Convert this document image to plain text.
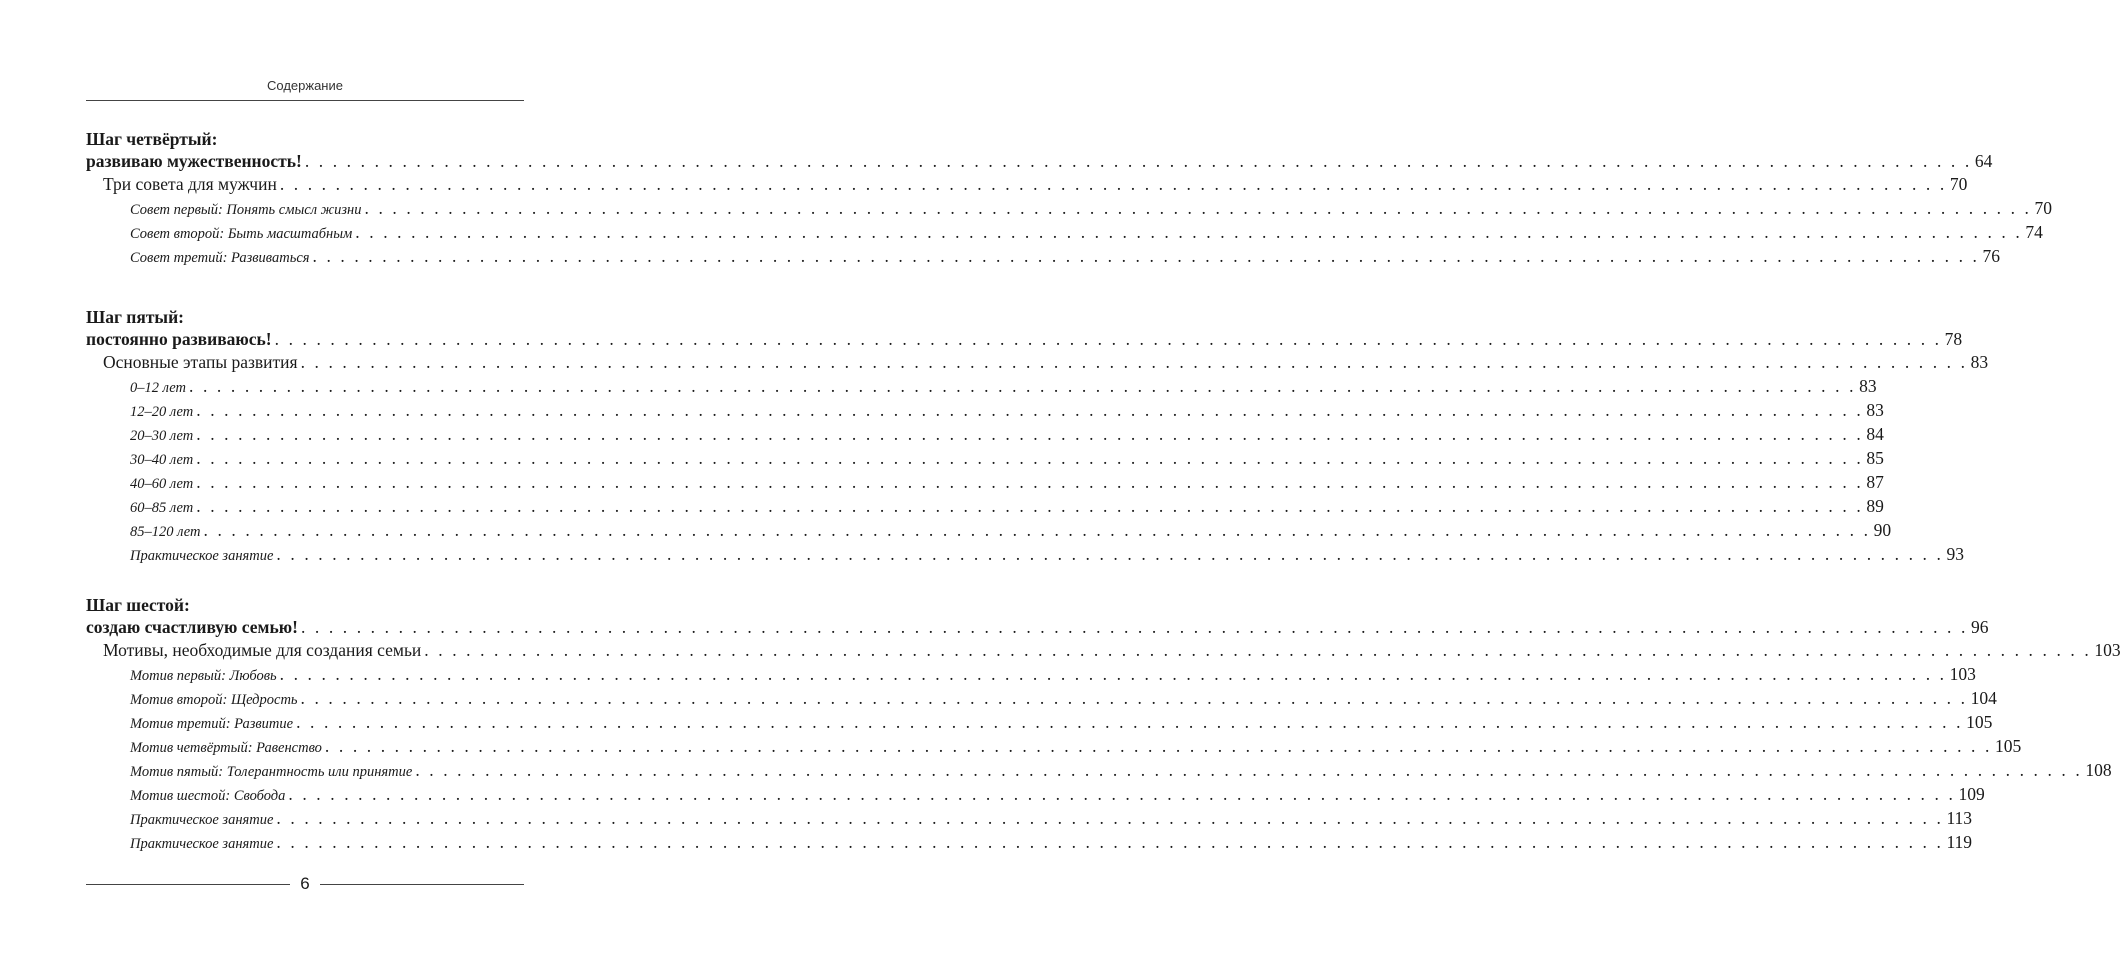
Содержание
Шаг четвёртый:
развиваю мужественность! . . . . . . . . . . . . . . . . . . . . . . . . . . . . . . . . . . . . . . . . . . . . . . . . . . . . . . . . . . . . . . . . . . . . . . . . . . . . . . . . . . . . . . . . . . . . . . . . . . . . . . . . . . . . . . . . . . . . . . . . 64
Три совета для мужчин . . . . . . . . . . . . . . . . . . . . . . . . . . . . . . . . . . . . . . . . . . . . . . . . . . . . . . . . . . . . . . . . . . . . . . . . . . . . . . . . . . . . . . . . . . . . . . . . . . . . . . . . . . . . . . . . . . . . . . . . 70
Совет первый: Понять смысл жизни . . . . . . . . . . . . . . . . . . . . . . . . . . . . . . . . . . . . . . . . . . . . . . . . . . . . . . . . . . . . . . . . . . . . . . . . . . . . . . . . . . . . . . . . . . . . . . . . . . . . . . . . . . . . . . . . . . . . . . . . 70
Совет второй: Быть масштабным . . . . . . . . . . . . . . . . . . . . . . . . . . . . . . . . . . . . . . . . . . . . . . . . . . . . . . . . . . . . . . . . . . . . . . . . . . . . . . . . . . . . . . . . . . . . . . . . . . . . . . . . . . . . . . . . . . . . . . . . 74
Совет третий: Развиваться . . . . . . . . . . . . . . . . . . . . . . . . . . . . . . . . . . . . . . . . . . . . . . . . . . . . . . . . . . . . . . . . . . . . . . . . . . . . . . . . . . . . . . . . . . . . . . . . . . . . . . . . . . . . . . . . . . . . . . . . 76
Шаг пятый:
постоянно развиваюсь! . . . . . . . . . . . . . . . . . . . . . . . . . . . . . . . . . . . . . . . . . . . . . . . . . . . . . . . . . . . . . . . . . . . . . . . . . . . . . . . . . . . . . . . . . . . . . . . . . . . . . . . . . . . . . . . . . . . . . . . . 78
Основные этапы развития . . . . . . . . . . . . . . . . . . . . . . . . . . . . . . . . . . . . . . . . . . . . . . . . . . . . . . . . . . . . . . . . . . . . . . . . . . . . . . . . . . . . . . . . . . . . . . . . . . . . . . . . . . . . . . . . . . . . . . . . 83
0–12 лет . . . . . . . . . . . . . . . . . . . . . . . . . . . . . . . . . . . . . . . . . . . . . . . . . . . . . . . . . . . . . . . . . . . . . . . . . . . . . . . . . . . . . . . . . . . . . . . . . . . . . . . . . . . . . . . . . . . . . . . . 83
12–20 лет . . . . . . . . . . . . . . . . . . . . . . . . . . . . . . . . . . . . . . . . . . . . . . . . . . . . . . . . . . . . . . . . . . . . . . . . . . . . . . . . . . . . . . . . . . . . . . . . . . . . . . . . . . . . . . . . . . . . . . . . 83
20–30 лет . . . . . . . . . . . . . . . . . . . . . . . . . . . . . . . . . . . . . . . . . . . . . . . . . . . . . . . . . . . . . . . . . . . . . . . . . . . . . . . . . . . . . . . . . . . . . . . . . . . . . . . . . . . . . . . . . . . . . . . . 84
30–40 лет . . . . . . . . . . . . . . . . . . . . . . . . . . . . . . . . . . . . . . . . . . . . . . . . . . . . . . . . . . . . . . . . . . . . . . . . . . . . . . . . . . . . . . . . . . . . . . . . . . . . . . . . . . . . . . . . . . . . . . . . 85
40–60 лет . . . . . . . . . . . . . . . . . . . . . . . . . . . . . . . . . . . . . . . . . . . . . . . . . . . . . . . . . . . . . . . . . . . . . . . . . . . . . . . . . . . . . . . . . . . . . . . . . . . . . . . . . . . . . . . . . . . . . . . . 87
60–85 лет . . . . . . . . . . . . . . . . . . . . . . . . . . . . . . . . . . . . . . . . . . . . . . . . . . . . . . . . . . . . . . . . . . . . . . . . . . . . . . . . . . . . . . . . . . . . . . . . . . . . . . . . . . . . . . . . . . . . . . . . 89
85–120 лет . . . . . . . . . . . . . . . . . . . . . . . . . . . . . . . . . . . . . . . . . . . . . . . . . . . . . . . . . . . . . . . . . . . . . . . . . . . . . . . . . . . . . . . . . . . . . . . . . . . . . . . . . . . . . . . . . . . . . . . . 90
Практическое занятие . . . . . . . . . . . . . . . . . . . . . . . . . . . . . . . . . . . . . . . . . . . . . . . . . . . . . . . . . . . . . . . . . . . . . . . . . . . . . . . . . . . . . . . . . . . . . . . . . . . . . . . . . . . . . . . . . . . . . . . . 93
Шаг шестой:
создаю счастливую семью! . . . . . . . . . . . . . . . . . . . . . . . . . . . . . . . . . . . . . . . . . . . . . . . . . . . . . . . . . . . . . . . . . . . . . . . . . . . . . . . . . . . . . . . . . . . . . . . . . . . . . . . . . . . . . . . . . . . . . . . . 96
Мотивы, необходимые для создания семьи . . . . . . . . . . . . . . . . . . . . . . . . . . . . . . . . . . . . . . . . . . . . . . . . . . . . . . . . . . . . . . . . . . . . . . . . . . . . . . . . . . . . . . . . . . . . . . . . . . . . . . . . . . . . . . . . . . . . . . . . 103
Мотив первый: Любовь . . . . . . . . . . . . . . . . . . . . . . . . . . . . . . . . . . . . . . . . . . . . . . . . . . . . . . . . . . . . . . . . . . . . . . . . . . . . . . . . . . . . . . . . . . . . . . . . . . . . . . . . . . . . . . . . . . . . . . . . 103
Мотив второй: Щедрость . . . . . . . . . . . . . . . . . . . . . . . . . . . . . . . . . . . . . . . . . . . . . . . . . . . . . . . . . . . . . . . . . . . . . . . . . . . . . . . . . . . . . . . . . . . . . . . . . . . . . . . . . . . . . . . . . . . . . . . . 104
Мотив третий: Развитие . . . . . . . . . . . . . . . . . . . . . . . . . . . . . . . . . . . . . . . . . . . . . . . . . . . . . . . . . . . . . . . . . . . . . . . . . . . . . . . . . . . . . . . . . . . . . . . . . . . . . . . . . . . . . . . . . . . . . . . . 105
Мотив четвёртый: Равенство . . . . . . . . . . . . . . . . . . . . . . . . . . . . . . . . . . . . . . . . . . . . . . . . . . . . . . . . . . . . . . . . . . . . . . . . . . . . . . . . . . . . . . . . . . . . . . . . . . . . . . . . . . . . . . . . . . . . . . . . 105
Мотив пятый: Толерантность или принятие . . . . . . . . . . . . . . . . . . . . . . . . . . . . . . . . . . . . . . . . . . . . . . . . . . . . . . . . . . . . . . . . . . . . . . . . . . . . . . . . . . . . . . . . . . . . . . . . . . . . . . . . . . . . . . . . . . . . . . . . 108
Мотив шестой: Свобода . . . . . . . . . . . . . . . . . . . . . . . . . . . . . . . . . . . . . . . . . . . . . . . . . . . . . . . . . . . . . . . . . . . . . . . . . . . . . . . . . . . . . . . . . . . . . . . . . . . . . . . . . . . . . . . . . . . . . . . . 109
Практическое занятие . . . . . . . . . . . . . . . . . . . . . . . . . . . . . . . . . . . . . . . . . . . . . . . . . . . . . . . . . . . . . . . . . . . . . . . . . . . . . . . . . . . . . . . . . . . . . . . . . . . . . . . . . . . . . . . . . . . . . . . . 113
Практическое занятие . . . . . . . . . . . . . . . . . . . . . . . . . . . . . . . . . . . . . . . . . . . . . . . . . . . . . . . . . . . . . . . . . . . . . . . . . . . . . . . . . . . . . . . . . . . . . . . . . . . . . . . . . . . . . . . . . . . . . . . . 119
6
